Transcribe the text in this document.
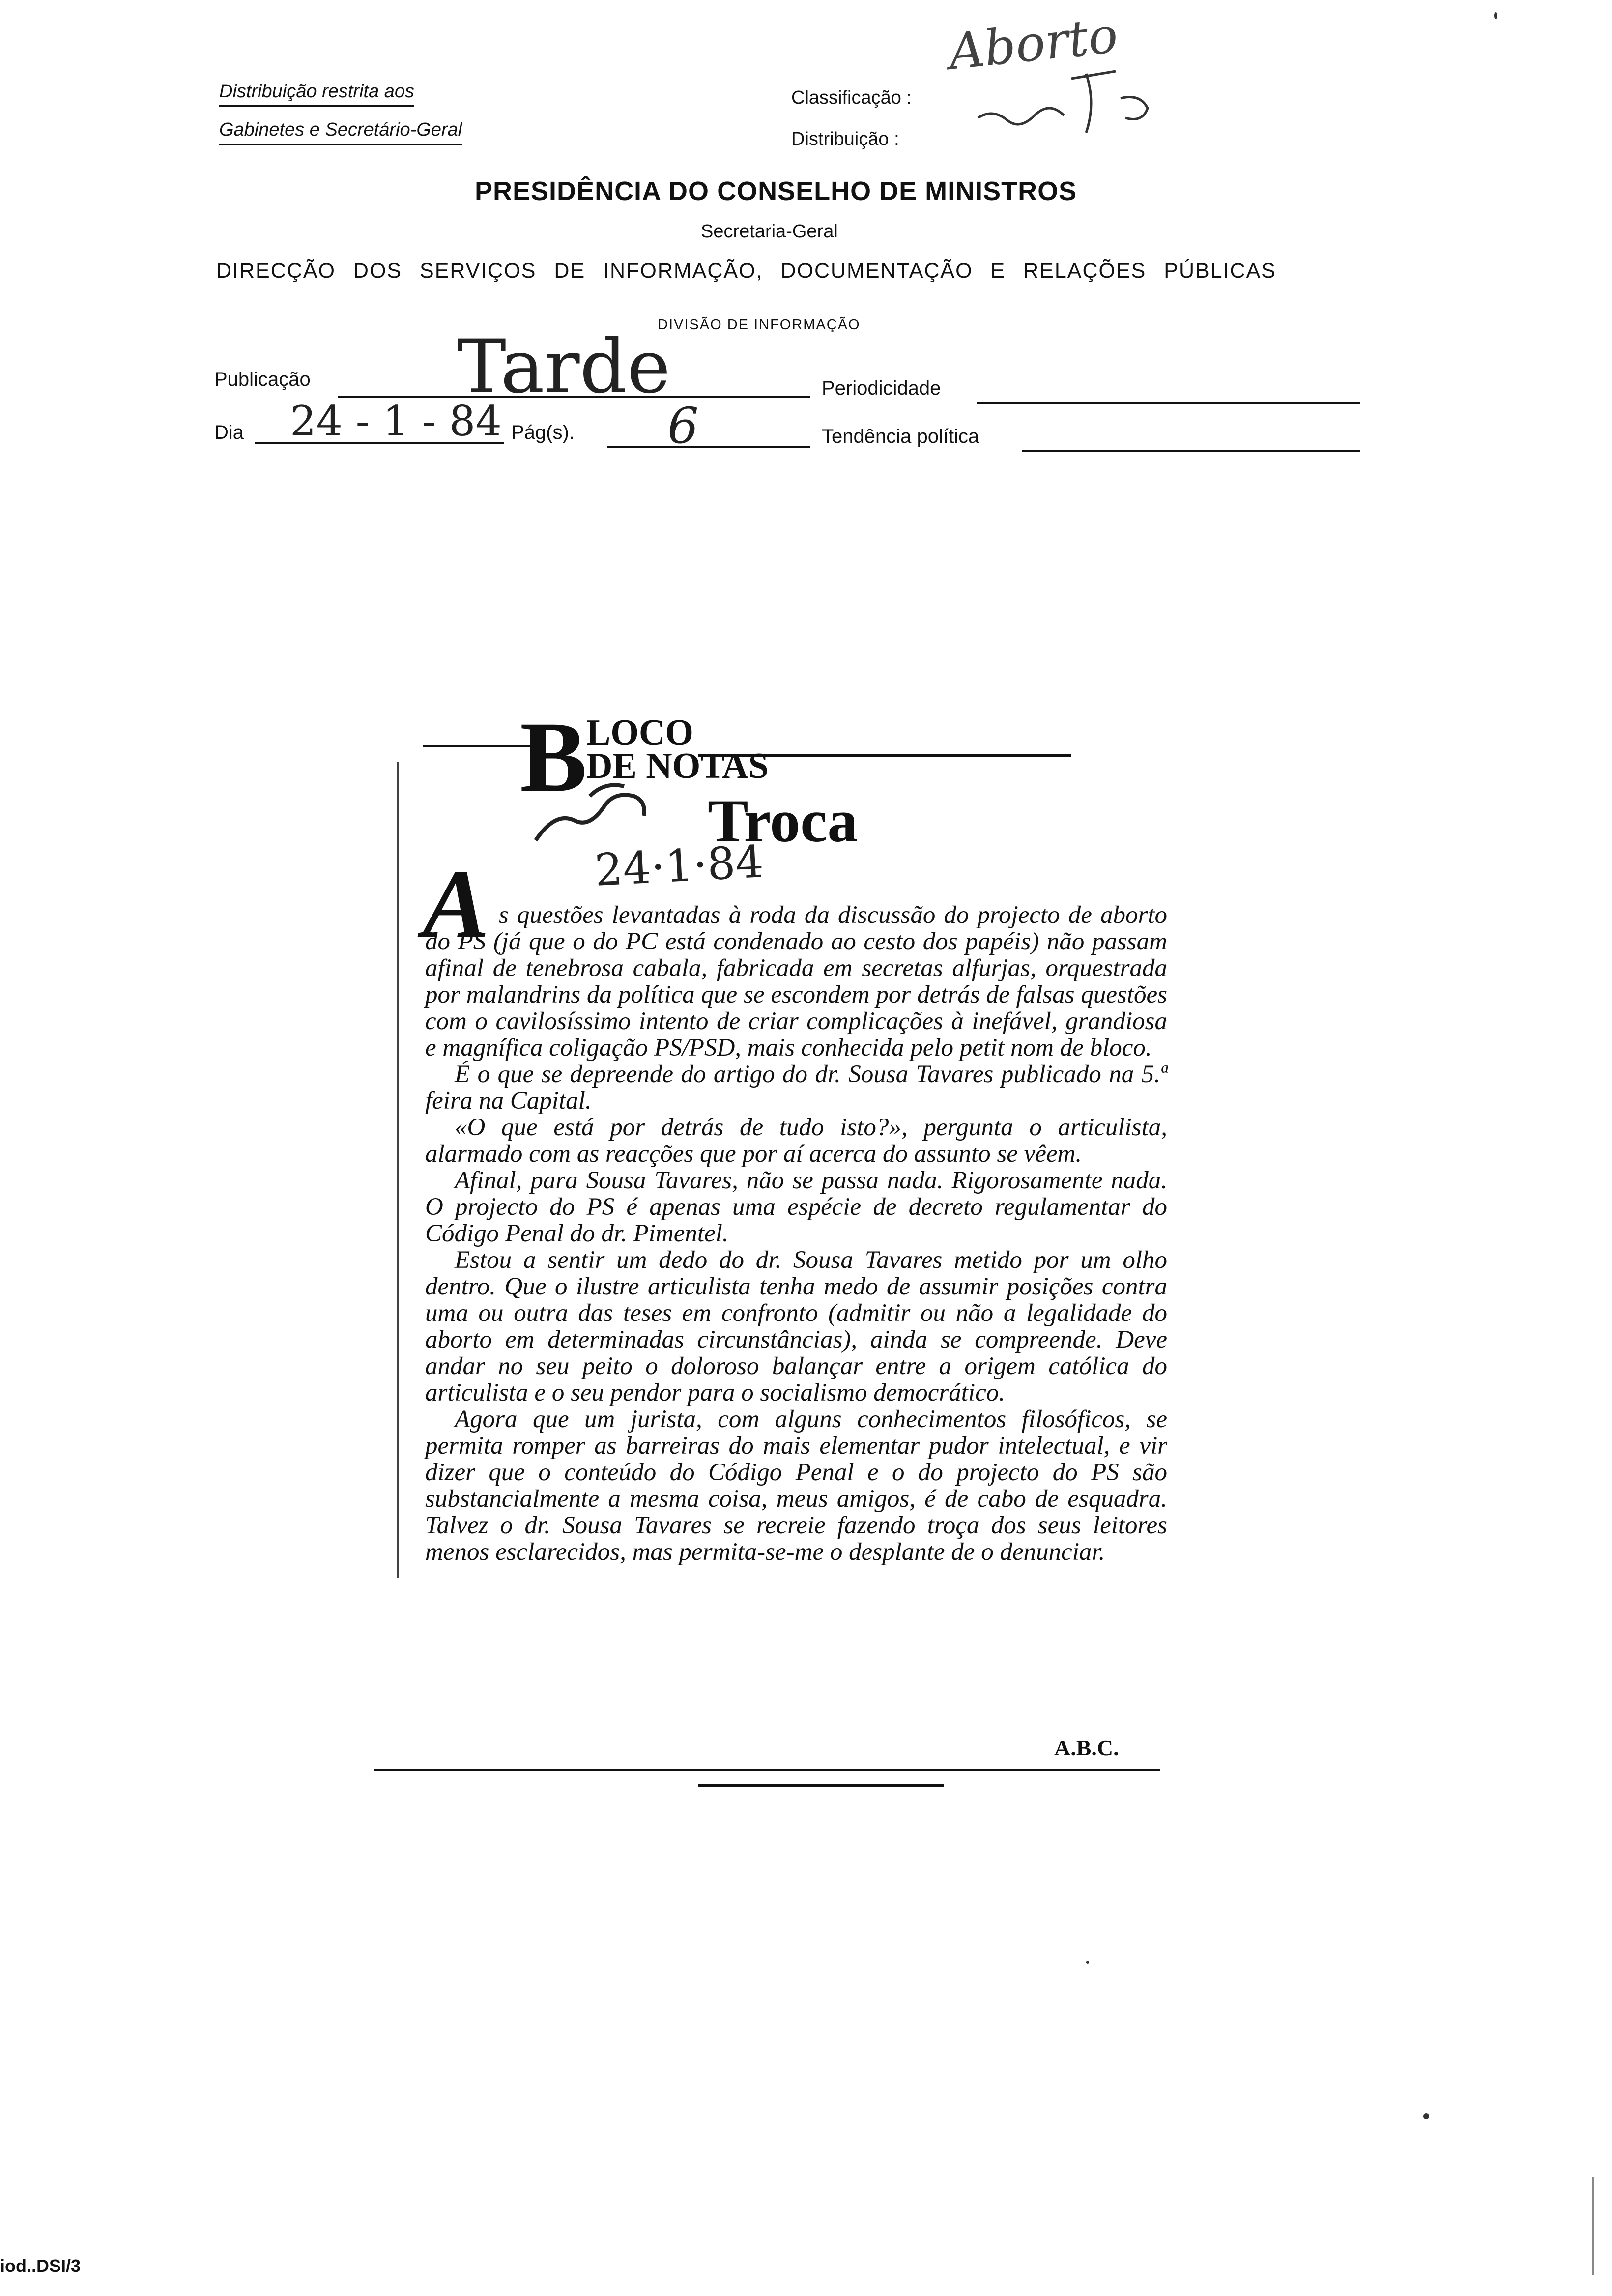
Distribuição restrita aos
Gabinetes e Secretário-Geral
Classificação :
Distribuição :
Aborto
PRESIDÊNCIA DO CONSELHO DE MINISTROS
Secretaria-Geral
DIRECÇÃO DOS SERVIÇOS DE INFORMAÇÃO, DOCUMENTAÇÃO E RELAÇÕES PÚBLICAS
DIVISÃO DE INFORMAÇÃO
Publicação Tarde	Periodicidade
Dia 24 - 1 - 84 Pág(s). 6	Tendência política
B
LOCO
DE NOTAS
Troca
24·1·84
A s questões levantadas à roda da discussão do projecto de aborto do PS (já que o do PC está condenado ao cesto dos papéis) não passam afinal de tenebrosa cabala, fabricada em secretas alfurjas, orquestrada por malandrins da política que se escondem por detrás de falsas questões com o cavilosíssimo intento de criar complicações à inefável, grandiosa e magnífica coligação PS/PSD, mais conhecida pelo petit nom de bloco.

É o que se depreende do artigo do dr. Sousa Tavares publicado na 5.ª feira na Capital.

«O que está por detrás de tudo isto?», pergunta o articulista, alarmado com as reacções que por aí acerca do assunto se vêem.

Afinal, para Sousa Tavares, não se passa nada. Rigorosamente nada. O projecto do PS é apenas uma espécie de decreto regulamentar do Código Penal do dr. Pimentel.

Estou a sentir um dedo do dr. Sousa Tavares metido por um olho dentro. Que o ilustre articulista tenha medo de assumir posições contra uma ou outra das teses em confronto (admitir ou não a legalidade do aborto em determinadas circunstâncias), ainda se compreende. Deve andar no seu peito o doloroso balançar entre a origem católica do articulista e o seu pendor para o socialismo democrático.

Agora que um jurista, com alguns conhecimentos filosóficos, se permita romper as barreiras do mais elementar pudor intelectual, e vir dizer que o conteúdo do Código Penal e o do projecto do PS são substancialmente a mesma coisa, meus amigos, é de cabo de esquadra. Talvez o dr. Sousa Tavares se recreie fazendo troça dos seus leitores menos esclarecidos, mas permita-se-me o desplante de o denunciar.

A.B.C.
iod..DSI/3
